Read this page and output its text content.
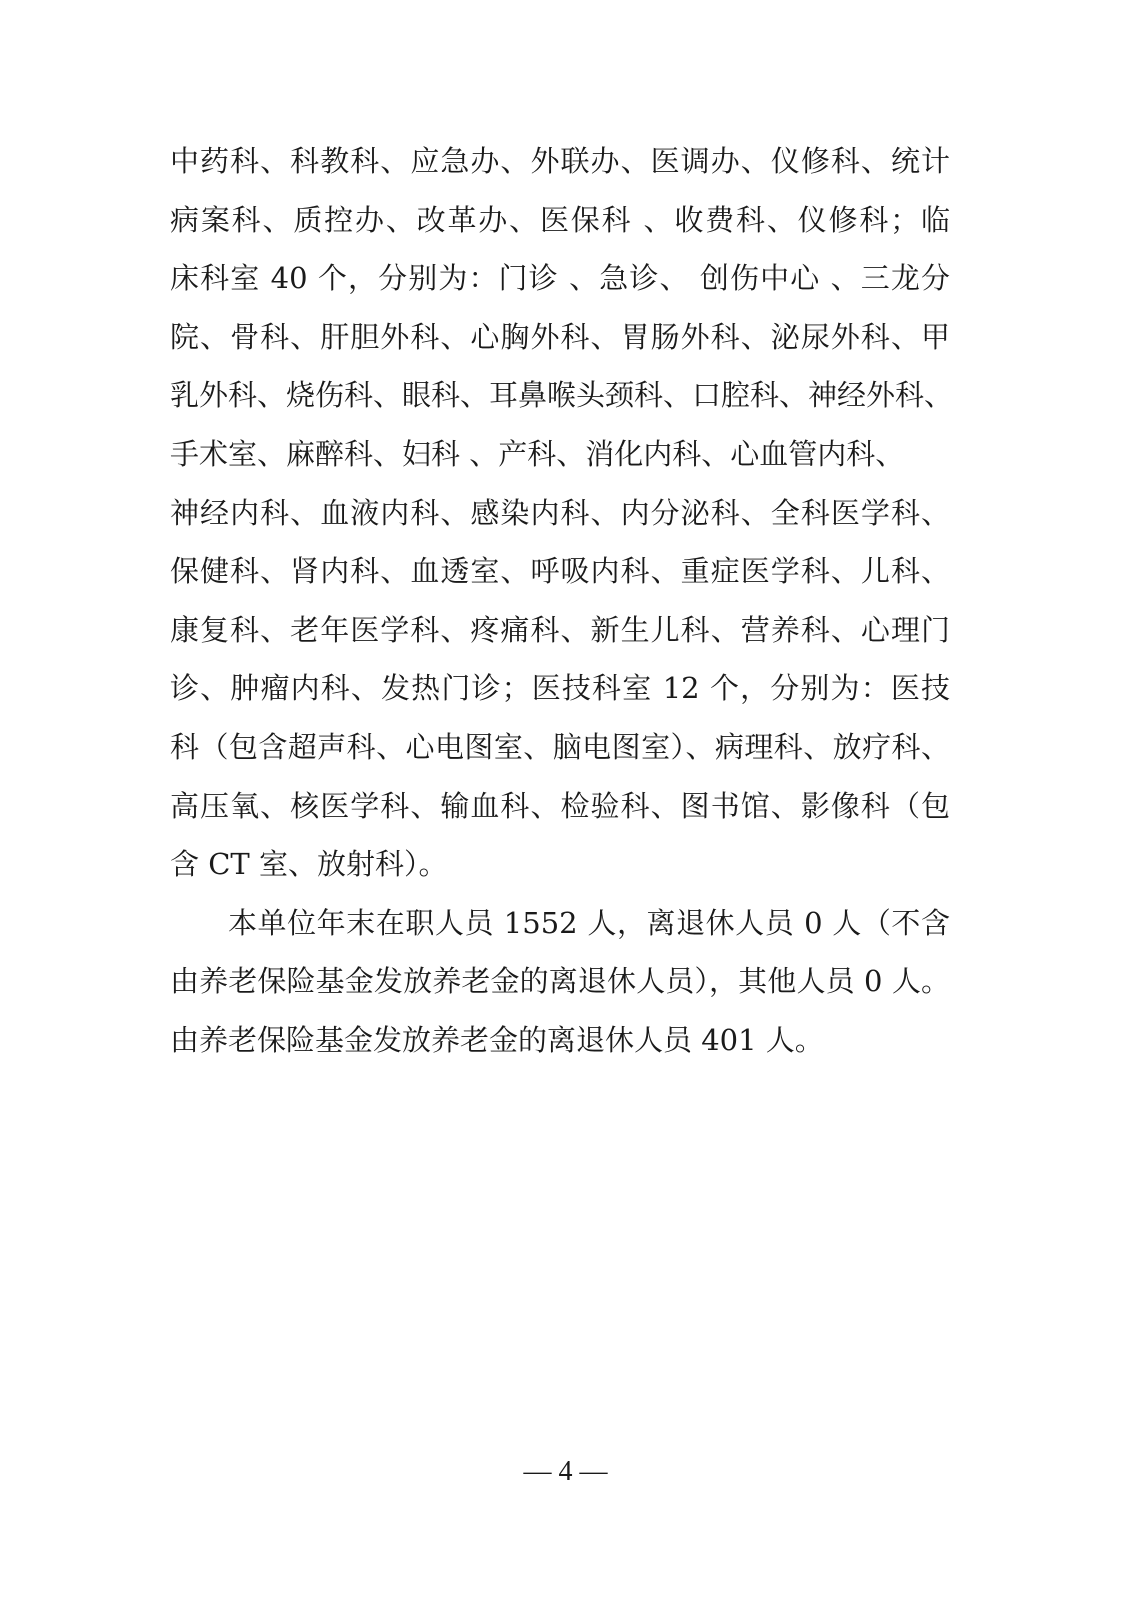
中药科、科教科、应急办、外联办、医调办、仪修科、统计
病案科、质控办、改革办、医保科 、收费科、仪修科；临
床科室 40 个，分别为：门诊 、急诊、 创伤中心 、三龙分
院、骨科、肝胆外科、心胸外科、胃肠外科、泌尿外科、甲
乳外科、烧伤科、眼科、耳鼻喉头颈科、口腔科、神经外科、
手术室、麻醉科、妇科 、产科、消化内科、心血管内科、
神经内科、血液内科、感染内科、内分泌科、全科医学科、
保健科、肾内科、血透室、呼吸内科、重症医学科、儿科、
康复科、老年医学科、疼痛科、新生儿科、营养科、心理门
诊、肿瘤内科、发热门诊；医技科室 12 个，分别为：医技
科（包含超声科、心电图室、脑电图室）、病理科、放疗科、
高压氧、核医学科、输血科、检验科、图书馆、影像科（包
含 CT 室、放射科）。
本单位年末在职人员 1552 人，离退休人员 0 人（不含
由养老保险基金发放养老金的离退休人员），其他人员 0 人。
由养老保险基金发放养老金的离退休人员 401 人。
— 4 —
